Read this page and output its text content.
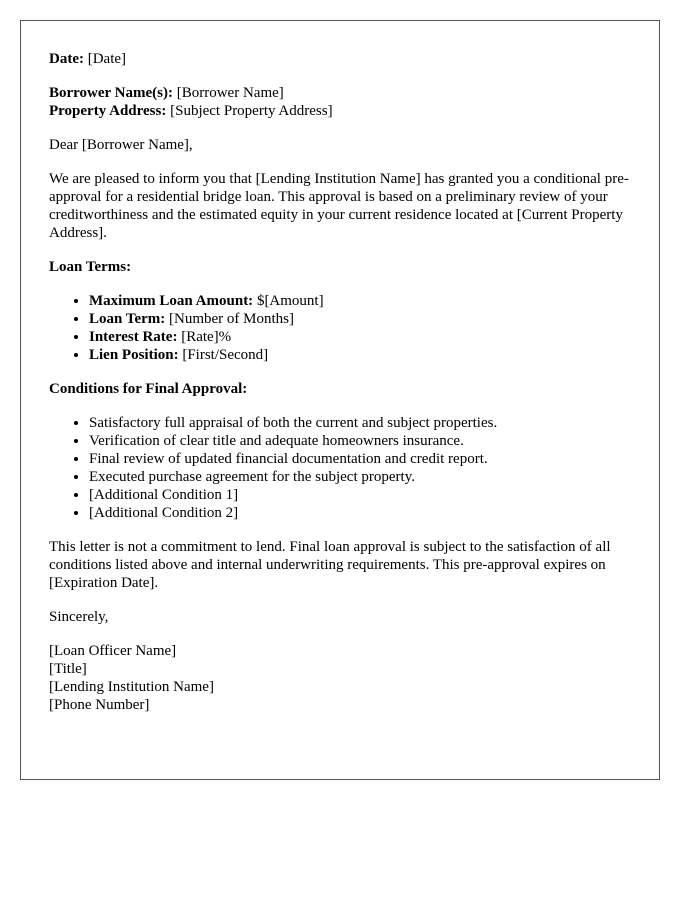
Date: [Date]

Borrower Name(s): [Borrower Name]

Property Address: [Subject Property Address]

Dear [Borrower Name],

We are pleased to inform you that [Lending Institution Name] has granted you a conditional pre-approval for a residential bridge loan. This approval is based on a preliminary review of your creditworthiness and the estimated equity in your current residence located at [Current Property Address].

Loan Terms:

• Maximum Loan Amount: $[Amount]
• Loan Term: [Number of Months]
• Interest Rate: [Rate]%
• Lien Position: [First/Second]

Conditions for Final Approval:

• Satisfactory full appraisal of both the current and subject properties.
• Verification of clear title and adequate homeowners insurance.
• Final review of updated financial documentation and credit report.
• Executed purchase agreement for the subject property.
• [Additional Condition 1]
• [Additional Condition 2]

This letter is not a commitment to lend. Final loan approval is subject to the satisfaction of all conditions listed above and internal underwriting requirements. This pre-approval expires on [Expiration Date].

Sincerely,

[Loan Officer Name]
[Title]
[Lending Institution Name]
[Phone Number]
